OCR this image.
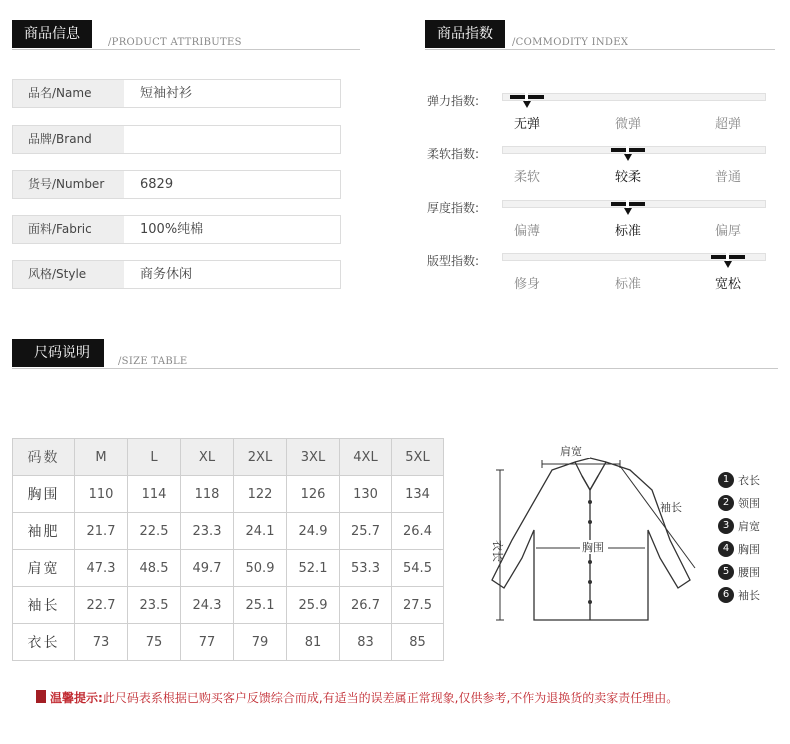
商品信息
/PRODUCT ATTRIBUTES
品名/Name	短袖衬衫
品牌/Brand
货号/Number	6829
面料/Fabric	100%纯棉
风格/Style	商务休闲
商品指数
/COMMODITY INDEX
弹力指数:
无弹	微弹	超弹
柔软指数:
柔软	较柔	普通
厚度指数:
偏薄	标准	偏厚
版型指数:
修身	标准	宽松
尺码说明
/SIZE TABLE
码数	M	L	XL	2XL	3XL	4XL	5XL
胸围	110	114	118	122	126	130	134
袖肥	21.7	22.5	23.3	24.1	24.9	25.7	26.4
肩宽	47.3	48.5	49.7	50.9	52.1	53.3	54.5
袖长	22.7	23.5	24.3	25.1	25.9	26.7	27.5
衣长	73	75	77	79	81	83	85
肩宽
袖长
衣长	胸围
1 衣长
2 领围
3 肩宽
4 胸围
5 腰围
6 袖长
温馨提示:此尺码表系根据已购买客户反馈综合而成,有适当的误差属正常现象,仅供参考,不作为退换货的卖家责任理由。
